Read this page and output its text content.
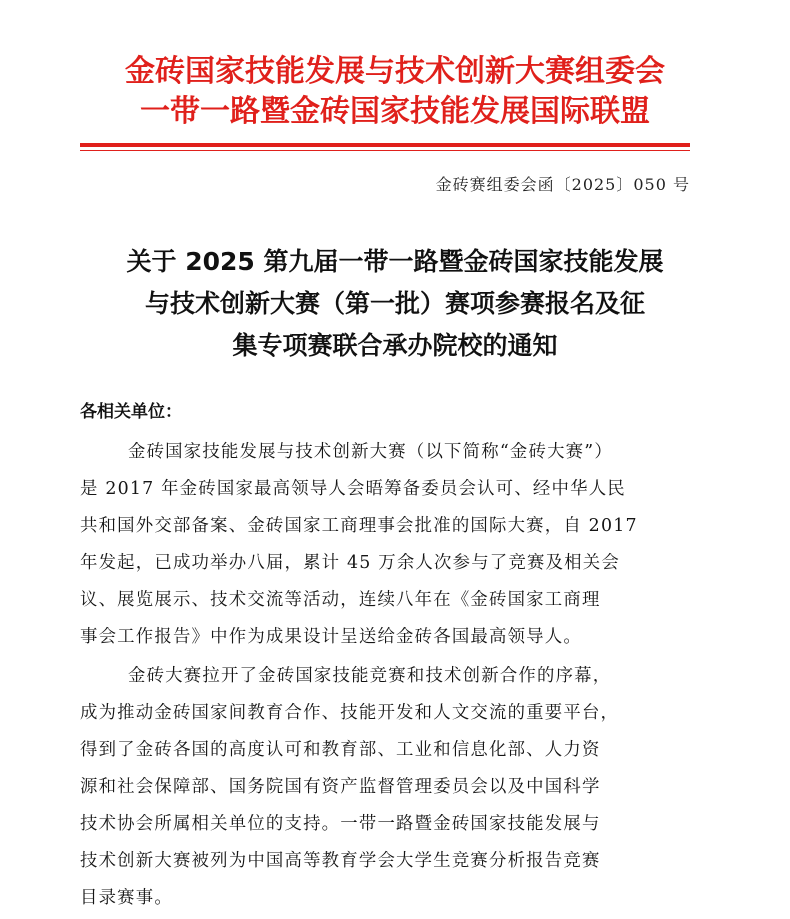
金砖国家技能发展与技术创新大赛组委会
一带一路暨金砖国家技能发展国际联盟
金砖赛组委会函〔2025〕050 号
关于 2025 第九届一带一路暨金砖国家技能发展
与技术创新大赛（第一批）赛项参赛报名及征
集专项赛联合承办院校的通知
各相关单位：
金砖国家技能发展与技术创新大赛（以下简称“金砖大赛”）
是 2017 年金砖国家最高领导人会晤筹备委员会认可、经中华人民
共和国外交部备案、金砖国家工商理事会批准的国际大赛，自 2017
年发起，已成功举办八届，累计 45 万余人次参与了竞赛及相关会
议、展览展示、技术交流等活动，连续八年在《金砖国家工商理
事会工作报告》中作为成果设计呈送给金砖各国最高领导人。
金砖大赛拉开了金砖国家技能竞赛和技术创新合作的序幕，
成为推动金砖国家间教育合作、技能开发和人文交流的重要平台，
得到了金砖各国的高度认可和教育部、工业和信息化部、人力资
源和社会保障部、国务院国有资产监督管理委员会以及中国科学
技术协会所属相关单位的支持。一带一路暨金砖国家技能发展与
技术创新大赛被列为中国高等教育学会大学生竞赛分析报告竞赛
目录赛事。
